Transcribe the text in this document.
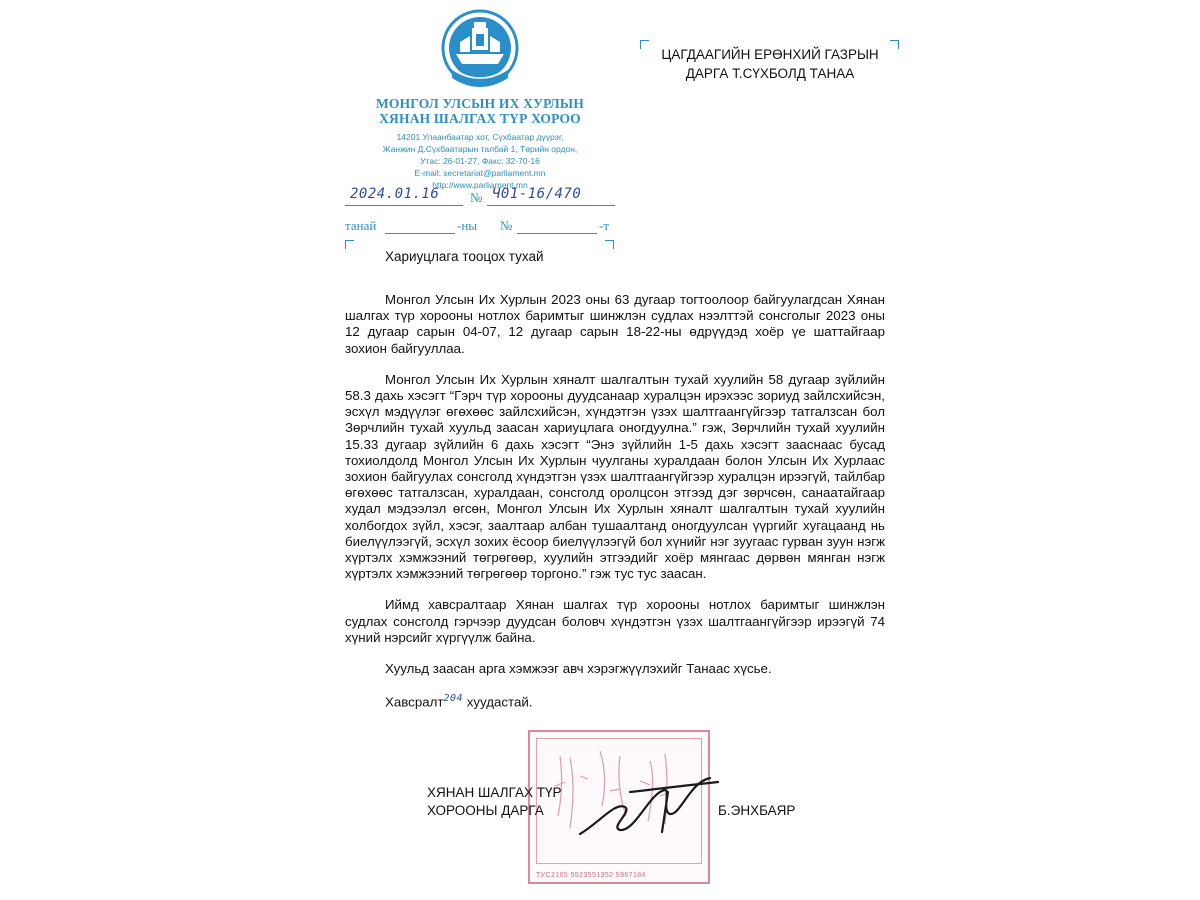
МОНГОЛ УЛСЫН ИХ ХУРЛЫН
ХЯНАН ШАЛГАХ ТҮР ХОРОО
14201 Улаанбаатар хот, Сүхбаатар дүүрэг,
Жанжин Д.Сүхбаатарын талбай 1, Төрийн ордон,
Утас: 26-01-27, Факс: 32-70-16
E-mail: secretariat@parliament.mn
http://www.parliament.mn
№
2024.01.16	Ч01-16/470
танай	-ны №	-т
ЦАГДААГИЙН ЕРӨНХИЙ ГАЗРЫН
ДАРГА Т.СҮХБОЛД ТАНАА
Хариуцлага тооцох тухай

Монгол Улсын Их Хурлын 2023 оны 63 дугаар тогтоолоор байгуулагдсан Хянан шалгах түр хорооны нотлох баримтыг шинжлэн судлах нээлттэй сонсголыг 2023 оны 12 дугаар сарын 04-07, 12 дугаар сарын 18-22-ны өдрүүдэд хоёр үе шаттайгаар зохион байгууллаа.

Монгол Улсын Их Хурлын хяналт шалгалтын тухай хуулийн 58 дугаар зүйлийн 58.3 дахь хэсэгт “Гэрч түр хорооны дуудсанаар хуралцэн ирэхээс зориуд зайлсхийсэн, эсхүл мэдүүлэг өгөхөөс зайлсхийсэн, хүндэтгэн үзэх шалтгаангүйгээр татгалзсан бол Зөрчлийн тухай хуульд заасан хариуцлага оногдуулна.” гэж, Зөрчлийн тухай хуулийн 15.33 дугаар зүйлийн 6 дахь хэсэгт “Энэ зүйлийн 1-5 дахь хэсэгт зааснаас бусад тохиолдолд Монгол Улсын Их Хурлын чуулганы хуралдаан болон Улсын Их Хурлаас зохион байгуулах сонсголд хүндэтгэн үзэх шалтгаангүйгээр хуралцэн ирээгүй, тайлбар өгөхөөс татгалзсан, хуралдаан, сонсголд оролцсон этгээд дэг зөрчсөн, санаатайгаар худал мэдээлэл өгсөн, Монгол Улсын Их Хурлын хяналт шалгалтын тухай хуулийн холбогдох зүйл, хэсэг, заалтаар албан тушаалтанд оногдуулсан үүргийг хугацаанд нь биелүүлээгүй, эсхүл зохих ёсоор биелүүлээгүй бол хүнийг нэг зуугаас гурван зуун нэгж хүртэлх хэмжээний төгрөгөөр, хуулийн этгээдийг хоёр мянгаас дөрвөн мянган нэгж хүртэлх хэмжээний төгрөгөөр торгоно.” гэж тус тус заасан.

Иймд хавсралтаар Хянан шалгах түр хорооны нотлох баримтыг шинжлэн судлах сонсголд гэрчээр дуудсан боловч хүндэтгэн үзэх шалтгаангүйгээр ирээгүй 74 хүний нэрсийг хүргүүлж байна.

Хуульд заасан арга хэмжээг авч хэрэгжүүлэхийг Танаас хүсье.

Хавсралт$^{204}$ хуудастай.

ТУС2105 5523551352 5967184
ХЯНАН ШАЛГАХ ТҮР
ХОРООНЫ ДАРГА	Б.ЭНХБАЯР
